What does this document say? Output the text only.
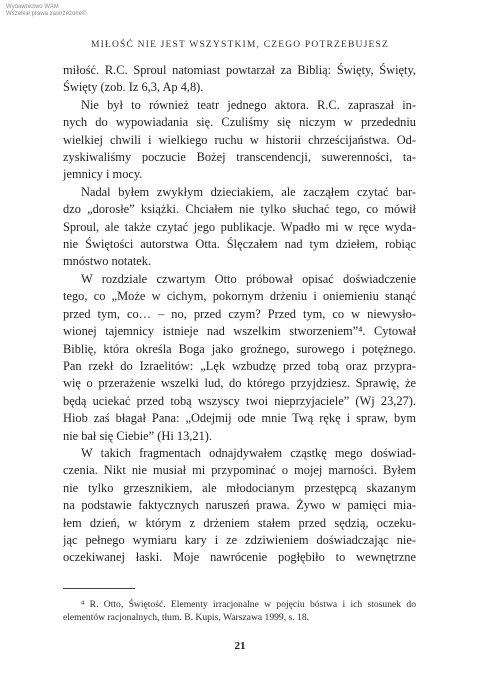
Wydawnictwo WAM
Wszelkie prawa zastrzeżone©
MIŁOŚĆ NIE JEST WSZYSTKIM, CZEGO POTRZEBUJESZ
miłość. R.C. Sproul natomiast powtarzał za Biblią: Święty, Święty,
Święty (zob. Iz 6,3, Ap 4,8).
Nie był to również teatr jednego aktora. R.C. zapraszał in-
nych do wypowiadania się. Czuliśmy się niczym w przededniu
wielkiej chwili i wielkiego ruchu w historii chrześcijaństwa. Od-
zyskiwaliśmy poczucie Bożej transcendencji, suwerenności, ta-
jemnicy i mocy.
Nadal byłem zwykłym dzieciakiem, ale zacząłem czytać bar-
dzo „dorosłe” książki. Chciałem nie tylko słuchać tego, co mówił
Sproul, ale także czytać jego publikacje. Wpadło mi w ręce wyda-
nie Świętości autorstwa Otta. Ślęczałem nad tym dziełem, robiąc
mnóstwo notatek.
W rozdziale czwartym Otto próbował opisać doświadczenie
tego, co „Może w cichym, pokornym drżeniu i oniemieniu stanąć
przed tym, co… – no, przed czym? Przed tym, co w niewysło-
wionej tajemnicy istnieje nad wszelkim stworzeniem”⁴. Cytował
Biblię, która określa Boga jako groźnego, surowego i potężnego.
Pan rzekł do Izraelitów: „Lęk wzbudzę przed tobą oraz przypra-
wię o przerażenie wszelki lud, do którego przyjdziesz. Sprawię, że
będą uciekać przed tobą wszyscy twoi nieprzyjaciele” (Wj 23,27).
Hiob zaś błagał Pana: „Odejmij ode mnie Twą rękę i spraw, bym
nie bał się Ciebie” (Hi 13,21).
W takich fragmentach odnajdywałem cząstkę mego doświad-
czenia. Nikt nie musiał mi przypominać o mojej marności. Byłem
nie tylko grzesznikiem, ale młodocianym przestępcą skazanym
na podstawie faktycznych naruszeń prawa. Żywo w pamięci mia-
łem dzień, w którym z drżeniem stałem przed sędzią, oczeku-
jąc pełnego wymiaru kary i ze zdziwieniem doświadczając nie-
oczekiwanej łaski. Moje nawrócenie pogłębiło to wewnętrzne
⁴ R. Otto, Świętość. Elementy irracjonalne w pojęciu bóstwa i ich stosunek do
elementów racjonalnych, tłum. B. Kupis, Warszawa 1999, s. 18.
21
